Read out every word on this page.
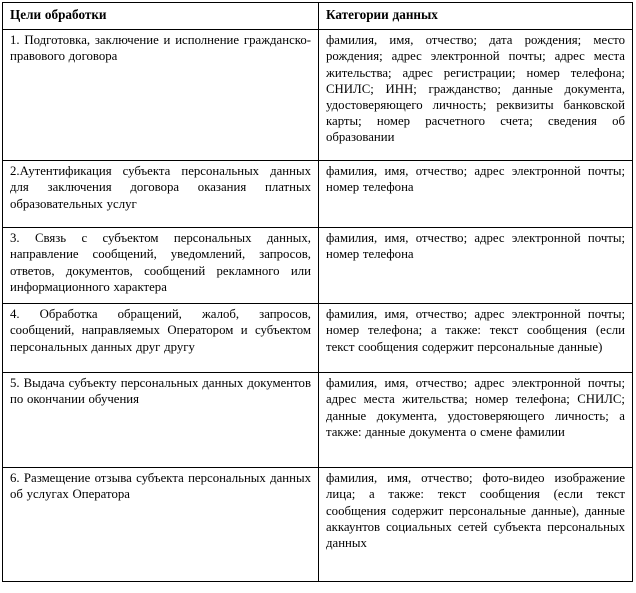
Цели обработки	Категории данных
1. Подготовка, заключение и исполнение гражданско-правового договора	фамилия, имя, отчество; дата рождения; место рождения; адрес электронной почты; адрес места жительства; адрес регистрации; номер телефона; СНИЛС; ИНН; гражданство; данные документа, удостоверяющего личность; реквизиты банковской карты; номер расчетного счета; сведения об образовании
2.Аутентификация субъекта персональных данных для заключения договора оказания платных образовательных услуг	фамилия, имя, отчество; адрес электронной почты; номер телефона
3. Связь с субъектом персональных данных, направление сообщений, уведомлений, запросов, ответов, документов, сообщений рекламного или информационного характера	фамилия, имя, отчество; адрес электронной почты; номер телефона
4. Обработка обращений, жалоб, запросов, сообщений, направляемых Оператором и субъектом персональных данных друг другу	фамилия, имя, отчество; адрес электронной почты; номер телефона; а также: текст сообщения (если текст сообщения содержит персональные данные)
5. Выдача субъекту персональных данных документов по окончании обучения	фамилия, имя, отчество; адрес электронной почты; адрес места жительства; номер телефона; СНИЛС; данные документа, удостоверяющего личность; а также: данные документа о смене фамилии
6. Размещение отзыва субъекта персональных данных об услугах Оператора	фамилия, имя, отчество; фото-видео изображение лица; а также: текст сообщения (если текст сообщения содержит персональные данные), данные аккаунтов социальных сетей субъекта персональных данных
